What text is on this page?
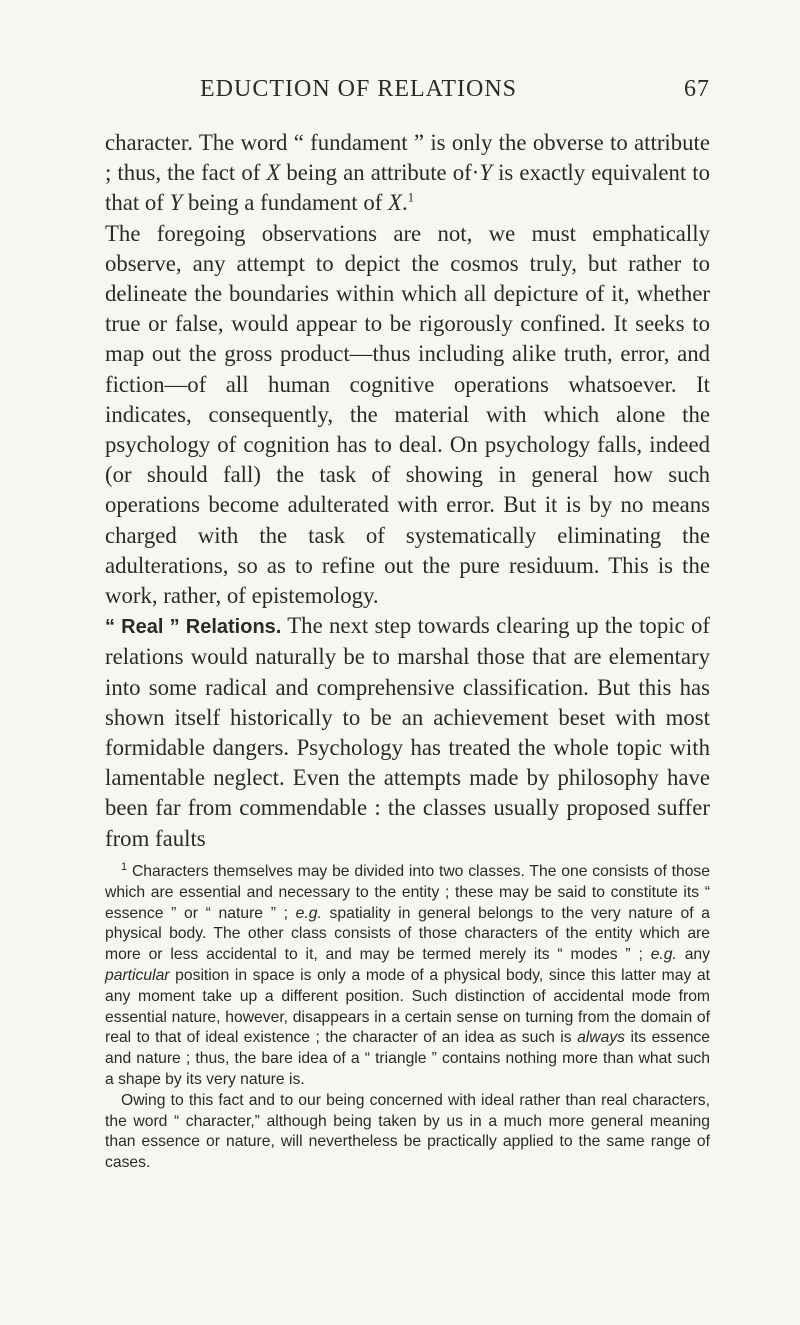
EDUCTION OF RELATIONS	67

character. The word “ fundament ” is only the obverse to attribute ; thus, the fact of X being an attribute of·Y is exactly equivalent to that of Y being a fundament of X.$^1$

The foregoing observations are not, we must emphatically observe, any attempt to depict the cosmos truly, but rather to delineate the boundaries within which all depicture of it, whether true or false, would appear to be rigorously confined. It seeks to map out the gross product—thus including alike truth, error, and fiction—of all human cognitive operations whatsoever. It indicates, consequently, the material with which alone the psychology of cognition has to deal. On psychology falls, indeed (or should fall) the task of showing in general how such operations become adulterated with error. But it is by no means charged with the task of systematically eliminating the adulterations, so as to refine out the pure residuum. This is the work, rather, of epistemology.

“ Real ” Relations. The next step towards clearing up the topic of relations would naturally be to marshal those that are elementary into some radical and comprehensive classification. But this has shown itself historically to be an achievement beset with most formidable dangers. Psychology has treated the whole topic with lamentable neglect. Even the attempts made by philosophy have been far from commendable : the classes usually proposed suffer from faults

$^1$ Characters themselves may be divided into two classes. The one consists of those which are essential and necessary to the entity ; these may be said to constitute its “ essence ” or “ nature ” ; e.g. spatiality in general belongs to the very nature of a physical body. The other class consists of those characters of the entity which are more or less accidental to it, and may be termed merely its “ modes ” ; e.g. any particular position in space is only a mode of a physical body, since this latter may at any moment take up a different position. Such distinction of accidental mode from essential nature, however, disappears in a certain sense on turning from the domain of real to that of ideal existence ; the character of an idea as such is always its essence and nature ; thus, the bare idea of a “ triangle ” contains nothing more than what such a shape by its very nature is.

Owing to this fact and to our being concerned with ideal rather than real characters, the word “ character,” although being taken by us in a much more general meaning than essence or nature, will nevertheless be practically applied to the same range of cases.
